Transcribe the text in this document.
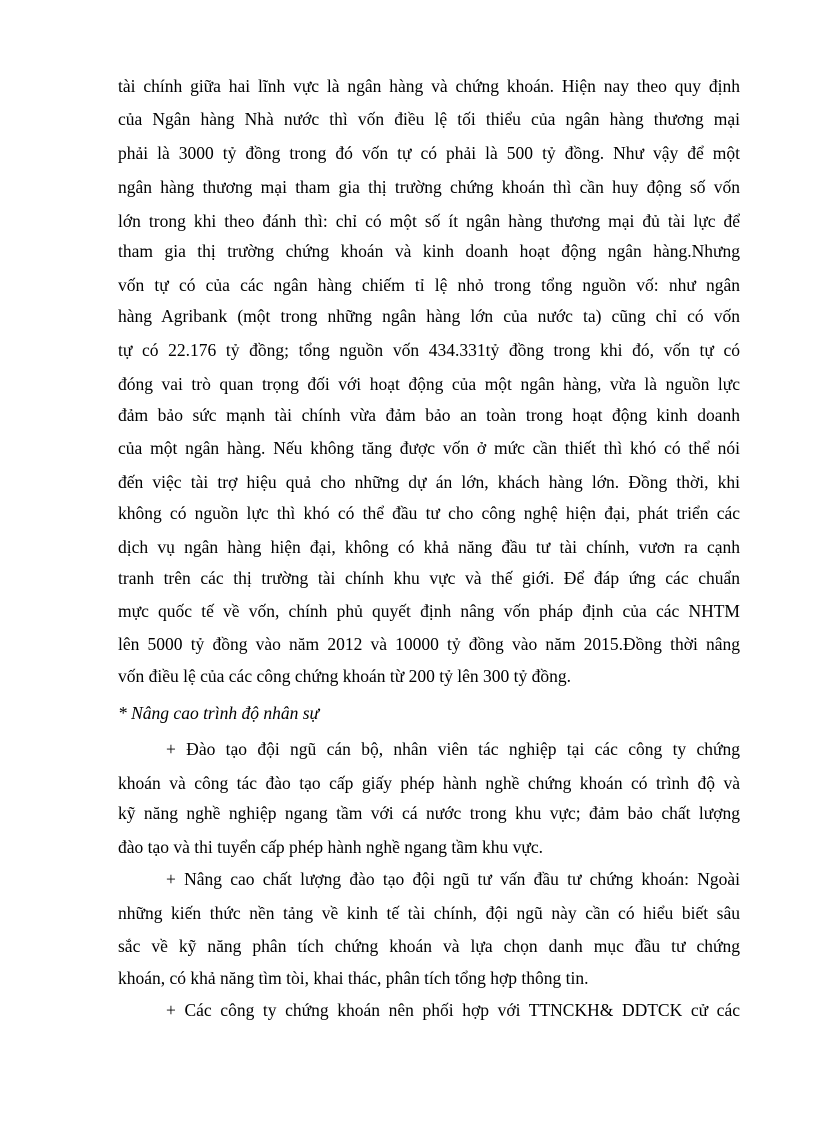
tài chính giữa hai lĩnh vực là ngân hàng và chứng khoán. Hiện nay theo quy định
của Ngân hàng Nhà nước thì vốn điều lệ tối thiểu của ngân hàng thương mại
phải là 3000 tỷ đồng trong đó vốn tự có phải là 500 tỷ đồng. Như vậy để một
ngân hàng thương mại tham gia thị trường chứng khoán thì cần huy động số vốn
lớn trong khi theo đánh thì: chỉ có một số ít ngân hàng thương mại đủ tài lực để
tham gia thị trường chứng khoán và kinh doanh hoạt động ngân hàng.Nhưng
vốn tự có của các ngân hàng chiếm tỉ lệ nhỏ trong tổng nguồn vố: như ngân
hàng Agribank (một trong những ngân hàng lớn của nước ta) cũng chỉ có vốn
tự có 22.176 tỷ đồng; tổng nguồn vốn 434.331tỷ đồng trong khi đó, vốn tự có
đóng vai trò quan trọng đối với hoạt động của một ngân hàng, vừa là nguồn lực
đảm bảo sức mạnh tài chính vừa đảm bảo an toàn trong hoạt động kinh doanh
của một ngân hàng. Nếu không tăng được vốn ở mức cần thiết thì khó có thể nói
đến việc tài trợ hiệu quả cho những dự án lớn, khách hàng lớn. Đồng thời, khi
không có nguồn lực thì khó có thể đầu tư cho công nghệ hiện đại, phát triển các
dịch vụ ngân hàng hiện đại, không có khả năng đầu tư tài chính, vươn ra cạnh
tranh trên các thị trường tài chính khu vực và thế giới. Để đáp ứng các chuẩn
mực quốc tế về vốn, chính phủ quyết định nâng vốn pháp định của các NHTM
lên 5000 tỷ đồng vào năm 2012 và 10000 tỷ đồng vào năm 2015.Đồng thời nâng
vốn điều lệ của các công chứng khoán từ 200 tỷ lên 300 tỷ đồng.
* Nâng cao trình độ nhân sự
+ Đào tạo đội ngũ cán bộ, nhân viên tác nghiệp tại các công ty chứng
khoán và công tác đào tạo cấp giấy phép hành nghề chứng khoán có trình độ và
kỹ năng nghề nghiệp ngang tầm với cá nước trong khu vực; đảm bảo chất lượng
đào tạo và thi tuyển cấp phép hành nghề ngang tầm khu vực.
+ Nâng cao chất lượng đào tạo đội ngũ tư vấn đầu tư chứng khoán: Ngoài
những kiến thức nền tảng về kinh tế tài chính, đội ngũ này cần có hiểu biết sâu
sắc về kỹ năng phân tích chứng khoán và lựa chọn danh mục đầu tư chứng
khoán, có khả năng tìm tòi, khai thác, phân tích tổng hợp thông tin.
+ Các công ty chứng khoán nên phối hợp với TTNCKH& DDTCK cử các
